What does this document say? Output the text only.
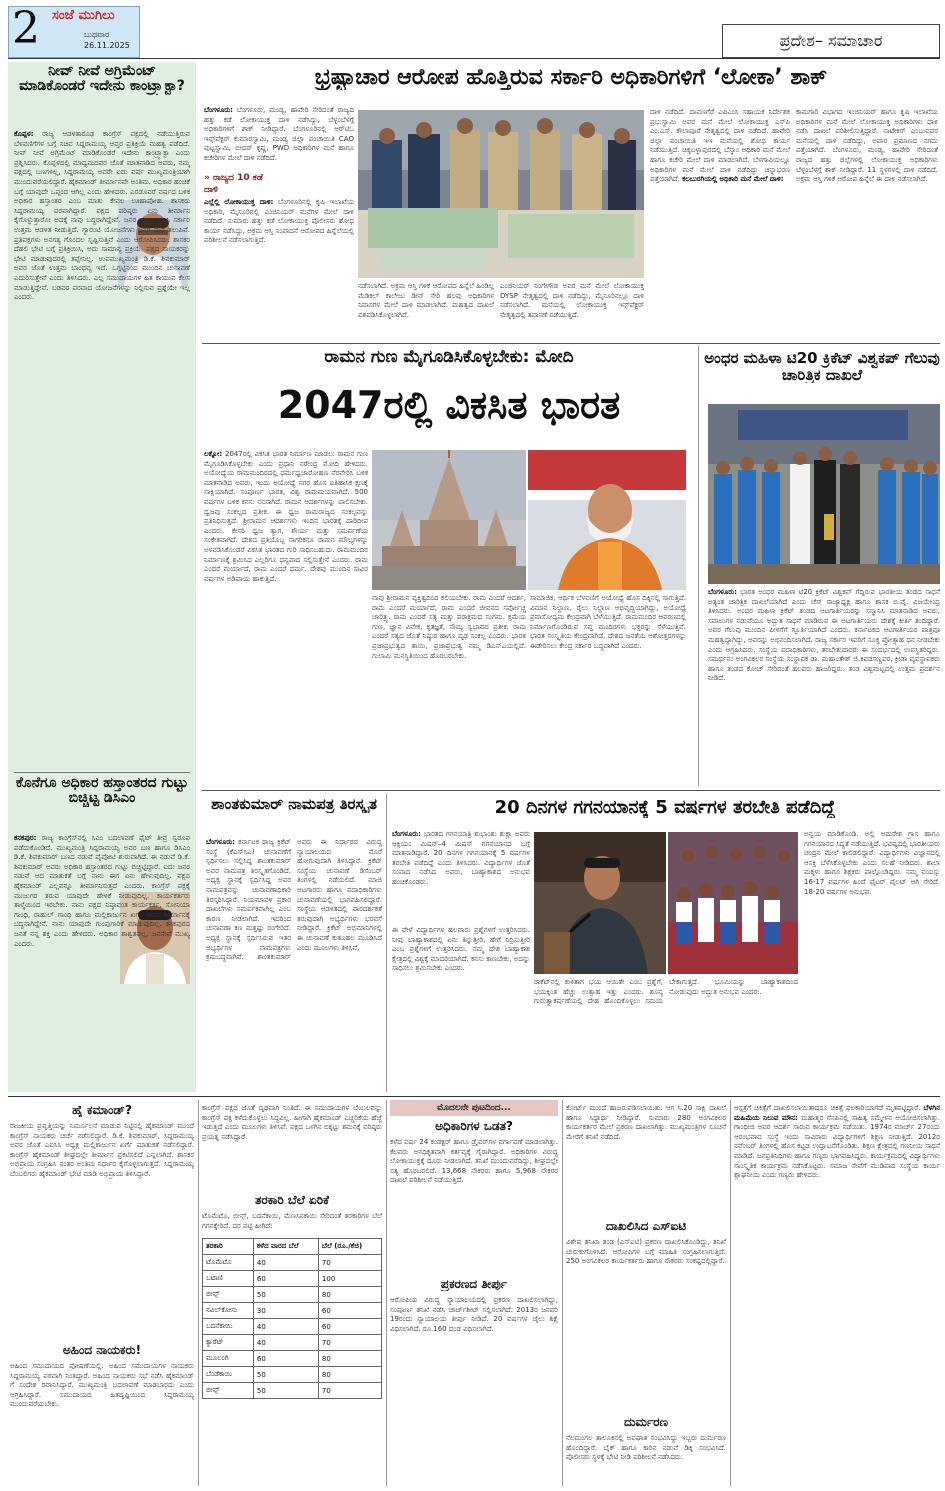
2 ಸಂಜೆ ಮುಗಿಲು
ಬುಧವಾರ
26.11.2025	ಪ್ರದೇಶ– ಸಮಾಚಾರ
ನೀವ್ ನೀವೆ ಅಗ್ರಿಮೆಂಟ್ ಮಾಡಿಕೊಂಡರೆ ಇದೇನು ಕಾಂಟ್ರ್ಯಾಕ್ಟಾ?
ಕೊಪ್ಪಳ: ರಾಜ್ಯ ಆಡಳಿತಾರೂಢ ಕಾಂಗ್ರೆಸ್ ಪಕ್ಷದಲ್ಲಿ ನಡೆಯುತ್ತಿರುವ ಬೆಳವಣಿಗೆಗಳ ಬಗ್ಗೆ ಸಚಿವ ಸಿದ್ದರಾಮಯ್ಯ ಆಪ್ತರ ಪ್ರತಿಕ್ರಿಯೆ ಮಹತ್ವ ಪಡೆದಿದೆ. ನೀವ್ ನೀವೆ ಅಗ್ರಿಮೆಂಟ್ ಮಾಡಿಕೊಂಡರೆ ಇದೇನು ಕಾಂಟ್ರ್ಯಾಕ್ಟಾ ಎಂದು ಪ್ರಶ್ನಿಸಿದರು. ಕೊಪ್ಪಳದಲ್ಲಿ ಮಾಧ್ಯಮದವರ ಜೊತೆ ಮಾತನಾಡಿದ ಅವರು, ನಮ್ಮ ಪಕ್ಷದಲ್ಲಿ ಬಣಗಳಿಲ್ಲ, ಸಿದ್ದರಾಮಯ್ಯ ಅವರೇ ಐದು ವರ್ಷ ಮುಖ್ಯಮಂತ್ರಿಯಾಗಿ ಮುಂದುವರೆಯಲಿದ್ದಾರೆ. ಹೈಕಮಾಂಡ್ ತೀರ್ಮಾನವೇ ಅಂತಿಮ. ಅಧಿಕಾರ ಹಂಚಿಕೆ ಬಗ್ಗೆ ಯಾವುದೇ ಒಪ್ಪಂದ ಆಗಿಲ್ಲ ಎಂದು ಹೇಳಿದರು. ಎರಡೂವರೆ ವರ್ಷದ ಬಳಿಕ ಅಧಿಕಾರ ಹಸ್ತಾಂತರ ಎಂಬ ಮಾತು ಕೇವಲ ಊಹಾಪೋಹ. ಶಾಸಕರು ಸಿದ್ದರಾಮಯ್ಯ ಪರವಾಗಿದ್ದಾರೆ. ಪಕ್ಷದ ವರಿಷ್ಠರು ಏನು ತೀರ್ಮಾನ ಕೈಗೊಳ್ಳುತ್ತಾರೋ ಅದಕ್ಕೆ ನಾವು ಬದ್ಧರಾಗಿದ್ದೇವೆ. ಜನರ ವಿಶ್ವಾಸ ಗಳಿಸಿ ಸರ್ಕಾರ ಉತ್ತಮ ಆಡಳಿತ ನೀಡುತ್ತಿದೆ. ಗ್ಯಾರಂಟಿ ಯೋಜನೆಗಳು ಜನರ ಮನೆ ತಲುಪಿವೆ. ಪ್ರತಿಪಕ್ಷಗಳು ಅನಗತ್ಯ ಗೊಂದಲ ಸೃಷ್ಟಿಸುತ್ತಿವೆ ಎಂದು ಆರೋಪಿಸಿದರು. ಶಾಸಕರ ದೆಹಲಿ ಭೇಟಿ ಬಗ್ಗೆ ಪ್ರತಿಕ್ರಿಯಿಸಿ, ಅದು ಸಾಮಾನ್ಯ ಪ್ರಕ್ರಿಯೆ. ಪಕ್ಷದ ನಾಯಕರನ್ನು ಭೇಟಿ ಮಾಡುವುದರಲ್ಲಿ ತಪ್ಪೇನಿಲ್ಲ. ಉಪಮುಖ್ಯಮಂತ್ರಿ ಡಿ.ಕೆ. ಶಿವಕುಮಾರ್ ಅವರ ಜೊತೆ ಉತ್ತಮ ಬಾಂಧವ್ಯ ಇದೆ. ಒಗ್ಗಟ್ಟಿನಿಂದ ಮುಂದಿನ ಚುನಾವಣೆ ಎದುರಿಸುತ್ತೇವೆ ಎಂದು ತಿಳಿಸಿದರು. ಎಲ್ಲ ಸಮುದಾಯಗಳ ಹಿತ ಕಾಯುವ ಕೆಲಸ ಮಾಡುತ್ತಿದ್ದೇವೆ. ಬಡವರ ಪರವಾದ ಯೋಜನೆಗಳನ್ನು ನಿಲ್ಲಿಸುವ ಪ್ರಶ್ನೆಯೇ ಇಲ್ಲ ಎಂದರು.
ಕೊನೆಗೂ ಅಧಿಕಾರ ಹಸ್ತಾಂತರದ ಗುಟ್ಟು ಬಿಚ್ಚಿಟ್ಟ ಡಿಸಿಎಂ
ಕನಕಪುರ: ರಾಜ್ಯ ಕಾಂಗ್ರೆಸ್‌ನಲ್ಲಿ ಸಿಎಂ ಬದಲಾವಣೆ ಫೈಟ್ ತೀವ್ರ ಸ್ವರೂಪ ಪಡೆದುಕೊಂಡಿದೆ. ಮುಖ್ಯಮಂತ್ರಿ ಸಿದ್ದರಾಮಯ್ಯ ಅವರ ಬಣ ಹಾಗೂ ಡಿಸಿಎಂ ಡಿ.ಕೆ. ಶಿವಕುಮಾರ್ ಬಣದ ನಡುವೆ ಪೈಪೋಟಿ ಶುರುವಾಗಿದೆ. ಈ ನಡುವೆ ಡಿ.ಕೆ. ಶಿವಕುಮಾರ್ ಅವರು ಅಧಿಕಾರ ಹಸ್ತಾಂತರದ ಗುಟ್ಟು ಬಿಚ್ಚಿಟ್ಟಿದ್ದಾರೆ. ಐದು ಜನರ ನಡುವೆ ಆದ ಮಾತುಕತೆ ಬಗ್ಗೆ ನಾನು ಈಗ ಏನು ಹೇಳುವುದಿಲ್ಲ. ಪಕ್ಷದ ಹೈಕಮಾಂಡ್ ಎಲ್ಲವನ್ನೂ ತೀರ್ಮಾನಿಸುತ್ತದೆ ಎಂದರು. ಕಾಂಗ್ರೆಸ್ ಪಕ್ಷಕ್ಕೆ ಮುಜುಗರ ತರುವ ಯಾವುದೇ ಹೇಳಿಕೆ ನೀಡುವುದಿಲ್ಲ. ಕಾರ್ಯಕರ್ತರು ತಾಳ್ಮೆಯಿಂದ ಇರಬೇಕು. ನಾನು ಪಕ್ಷದ ನಿಷ್ಠಾವಂತ ಕಾರ್ಯಕರ್ತ. ಸೋನಿಯಾ ಗಾಂಧಿ, ರಾಹುಲ್ ಗಾಂಧಿ ಹಾಗೂ ಮಲ್ಲಿಕಾರ್ಜುನ ಖರ್ಗೆ ಅವರ ತೀರ್ಮಾನಕ್ಕೆ ಬದ್ಧನಾಗಿದ್ದೇನೆ. ನಾನು ಯಾವುದೇ ಗುಂಪುಗಾರಿಕೆ ಮಾಡುವುದಿಲ್ಲ. ಕನಕಪುರದ ಜನತೆ ನನ್ನ ಶಕ್ತಿ ಎಂದು ಹೇಳಿದರು. ಅಧಿಕಾರ ಶಾಶ್ವತವಲ್ಲ, ಜನಸೇವೆ ಮುಖ್ಯ ಎಂದರು.
ಭ್ರಷ್ಟಾಚಾರ ಆರೋಪ ಹೊತ್ತಿರುವ ಸರ್ಕಾರಿ ಅಧಿಕಾರಿಗಳಿಗೆ ‘ಲೋಕಾ’ ಶಾಕ್
ಬೆಂಗಳೂರು: ಬೆಂಗಳೂರು, ಮಂಡ್ಯ, ಹಾವೇರಿ ಸೇರಿದಂತೆ ರಾಜ್ಯದ ಹತ್ತು ಕಡೆ ಲೋಕಾಯುಕ್ತ ದಾಳಿ ನಡೆಸಿದ್ದು, ಬೆಳ್ಳಂಬೆಳಗ್ಗೆ ಅಧಿಕಾರಿಗಳಿಗೆ ಶಾಕ್ ನೀಡಿದ್ದಾರೆ. ಬೆಂಗಳೂರಿನಲ್ಲಿ ಆರ್‌ಟಿಒ ಇನ್ಸ್‌ಪೆಕ್ಟರ್ ಕುಮಾರಸ್ವಾಮಿ, ಮಂಡ್ಯ ಜಿಲ್ಲಾ ಪಂಚಾಯಿತಿ CAO ಪುಟ್ಟಸ್ವಾಮಿ, ಬೀದರ್ ಕೃಷ್ಣ, PWD ಅಧಿಕಾರಿಗಳ ಮನೆ ಹಾಗೂ ಕಚೇರಿಗಳ ಮೇಲೆ ದಾಳಿ ನಡೆದಿದೆ.
» ರಾಜ್ಯದ 10 ಕಡೆ ದಾಳಿ
ಎಲ್ಲೆಲ್ಲಿ ಲೋಕಾಯುಕ್ತ ದಾಳಿ: ಬೆಂಗಳೂರಿನಲ್ಲಿ ಕೃಷಿ ಇಲಾಖೆಯ ಅಧಿಕಾರಿ, ಮೈಸೂರಿನಲ್ಲಿ ಎಂಜಿನಿಯರ್ ಮನೆಗಳ ಮೇಲೆ ದಾಳಿ ನಡೆದಿದೆ. ಸುಮಾರು ಹತ್ತು ಕಡೆ ಲೋಕಾಯುಕ್ತ ಪೊಲೀಸರು ಶೋಧ ಕಾರ್ಯ ನಡೆಸಿದ್ದು, ಅಕ್ರಮ ಆಸ್ತಿ ಸಂಪಾದನೆ ಆರೋಪದ ಹಿನ್ನೆಲೆಯಲ್ಲಿ ಪರಿಶೀಲನೆ ನಡೆಸಲಾಗುತ್ತಿದೆ.
ನಡೆಸಲಾಗಿದೆ. ಅಕ್ರಮ ಆಸ್ತಿ ಗಳಿಕೆ ಆರೋಪದ ಹಿನ್ನೆಲೆ ಹಿಂಡಿಲ್ಲ ಮೆಡಿಕಲ್ ಕಾಲೇಜು ಡೀನ್ ಸೇರಿ ಹಲವು ಅಧಿಕಾರಿಗಳ ನಿವಾಸಗಳ ಮೇಲೆ ದಾಳಿ ಮಾಡಲಾಗಿದೆ. ಮಹತ್ವದ ದಾಖಲೆ ವಶಪಡಿಸಿಕೊಳ್ಳಲಾಗಿದೆ.
ಎಂಜಿನಿಯರ್ ನಿಂಗೇಗೌಡ ಅವರ ಮನೆ ಮೇಲೆ ಲೋಕಾಯುಕ್ತ DYSP ನೇತೃತ್ವದಲ್ಲಿ ದಾಳಿ ನಡೆದಿದ್ದು, ಮೈಸೂರಿನಲ್ಲೂ ದಾಳಿ ನಡೆಸಲಾಗಿದೆ. ಮನೆಯಲ್ಲಿ ಲೋಕಾಯುಕ್ತ ಇನ್ಸ್‌ಪೆಕ್ಟರ್ ನೇತೃತ್ವದಲ್ಲಿ ತಪಾಸಣೆ ನಡೆಯುತ್ತಿದೆ.
ದಾಳಿ ನಡೆದಿದೆ. ದಾವಣಗೆರೆ ಎಪಿಎಂಸಿ ಸಹಾಯಕ ನಿರ್ದೇಶಕ ಪ್ರಭುಸ್ವಾಮಿ ಅವರ ಮನೆ ಮೇಲೆ ಲೋಕಾಯುಕ್ತ ಎಸ್‌ಪಿ ಎಂ.ಎಸ್. ಕೌಲಾಪೂರೆ ನೇತೃತ್ವದಲ್ಲಿ ದಾಳಿ ನಡೆದಿದೆ. ಹಾವೇರಿ ಜಿಲ್ಲಾ ಪಂಚಾಯಿತಿ ಇಇ ಮನೆಯಲ್ಲಿ ಶೋಧ ಕಾರ್ಯ ನಡೆಯುತ್ತಿದೆ. ಚಿಕ್ಕಬಳ್ಳಾಪುರದಲ್ಲಿ ಬೆಸ್ಕಾಂ ಅಧಿಕಾರಿ ಮನೆ ಮೇಲೆ ಹಾಗೂ ಕಚೇರಿ ಮೇಲೆ ದಾಳಿ ಮಾಡಲಾಗಿದೆ. ಬೆಳಗಾವಿಯಲ್ಲೂ ಅಧಿಕಾರಿಗಳ ಮನೆ ಮೇಲೆ ದಾಳಿ ನಡೆದಿದ್ದು ಚಿನ್ನಾಭರಣ ಪತ್ತೆಯಾಗಿದೆ. ಕಲಬುರಗಿಯಲ್ಲಿ ಅಧಿಕಾರಿ ಮನೆ ಮೇಲೆ ದಾಳಿ:
ಕಾಮಗಾರಿ ವಿಭಾಗದ ಇಂಜಿನಿಯರ್ ಹಾಗೂ ಕೃಷಿ ಇಲಾಖೆಯ ಅಧಿಕಾರಿಗಳ ಮನೆ ಮೇಲೆ ಲೋಕಾಯುಕ್ತ ಅಧಿಕಾರಿಗಳು ದಾಳಿ ನಡೆಸಿ ದಾಖಲೆ ಪರಿಶೀಲಿಸುತ್ತಿದ್ದಾರೆ. ನಾಟೇಕರ್ ಎಂಬುವವರ ಮನೆಯಲ್ಲಿ ದಾಳಿ ನಡೆದಿದ್ದು, ಅಪಾರ ಪ್ರಮಾಣದ ನಗದು ಪತ್ತೆಯಾಗಿದೆ. ಬೆಂಗಳೂರು, ಮಂಡ್ಯ, ಹಾವೇರಿ ಸೇರಿದಂತೆ ರಾಜ್ಯದ ಹತ್ತು ಜಿಲ್ಲೆಗಳಲ್ಲಿ ಲೋಕಾಯುಕ್ತ ಅಧಿಕಾರಿಗಳು ಬೆಳ್ಳಂಬೆಳಗ್ಗೆ ಶಾಕ್ ನೀಡಿದ್ದಾರೆ. 11 ಸ್ಥಳಗಳಲ್ಲಿ ದಾಳಿ ನಡೆದಿದೆ. ಅಕ್ರಮ ಆಸ್ತಿ ಗಳಿಕೆ ಆರೋಪ ಹಿನ್ನೆಲೆ ಈ ದಾಳಿ ನಡೆಸಲಾಗಿದೆ.
ರಾಮನ ಗುಣ ಮೈಗೂಡಿಸಿಕೊಳ್ಳಬೇಕು: ಮೋದಿ
2047ರಲ್ಲಿ ವಿಕಸಿತ ಭಾರತ
ಲಕ್ನೋ: 2047ರಲ್ಲಿ ವಿಕಸಿತ ಭಾರತ ನಿರ್ಮಾಣ ಮಾಡಲು ರಾಮನ ಗುಣ ಮೈಗೂಡಿಸಿಕೊಳ್ಳಬೇಕು ಎಂದು ಪ್ರಧಾನಿ ನರೇಂದ್ರ ಮೋದಿ ಹೇಳಿದರು. ಅಯೋಧ್ಯೆಯ ರಾಮಮಂದಿರದಲ್ಲಿ ಧರ್ಮಧ್ವಜಾರೋಹಣ ನೆರವೇರಿಸಿ ಬಳಿಕ ಮಾತನಾಡಿದ ಅವರು, ಇಂದು ಅಯೋಧ್ಯೆ ನಗರ ಹೊಸ ಐತಿಹಾಸಿಕ ಕ್ಷಣಕ್ಕೆ ಸಾಕ್ಷಿಯಾಗಿದೆ. ಸಂಪೂರ್ಣ ಭಾರತ, ವಿಶ್ವ ರಾಮಮಯವಾಗಿದೆ. 500 ವರ್ಷಗಳ ಬಳಿಕ ಕನಸು ನನಸಾಗಿದೆ. ರಾಮನ ಆದರ್ಶಗಳನ್ನು ಪಾಲಿಸಬೇಕು. ಧ್ವಜವು ಸಂಕಲ್ಪದ ಪ್ರತೀಕ. ಈ ಧ್ವಜ ರಾಮರಾಜ್ಯದ ಸಂಕಲ್ಪವನ್ನು ಪ್ರತಿನಿಧಿಸುತ್ತದೆ. ಶ್ರೀರಾಮನ ಆದರ್ಶಗಳು ಇಂದಿನ ಭಾರತಕ್ಕೆ ದಾರಿದೀಪ ಎಂದರು. ಕೇಸರಿ ಧ್ವಜ ತ್ಯಾಗ, ಶೌರ್ಯ ಮತ್ತು ಸಮರ್ಪಣೆಯ ಸಂಕೇತವಾಗಿದೆ. ದೇಶದ ಪ್ರತಿಯೊಬ್ಬ ನಾಗರಿಕನೂ ರಾಮನ ಮೌಲ್ಯಗಳನ್ನು ಅಳವಡಿಸಿಕೊಂಡರೆ ವಿಕಸಿತ ಭಾರತದ ಗುರಿ ಸಾಧಿಸಬಹುದು. ರಾಮಮಂದಿರ ನಿರ್ಮಾಣಕ್ಕೆ ಶ್ರಮಿಸಿದ ಎಲ್ಲರಿಗೂ ಧನ್ಯವಾದ ಸಲ್ಲಿಸುತ್ತೇನೆ ಎಂದರು. ರಾಮ ಎಂದರೆ ಮರ್ಯಾದೆ, ರಾಮ ಎಂದರೆ ಧರ್ಮ. ದೇಶವು ಮುಂದಿನ ಸಾವಿರ ವರ್ಷಗಳ ಅಡಿಪಾಯ ಹಾಕುತ್ತಿದೆ.
ನಾವು ಶ್ರೀರಾಮನ ವ್ಯಕ್ತಿತ್ವದಿಂದ ಕಲಿಯಬೇಕು. ರಾಮ ಎಂದರೆ ಆದರ್ಶ, ರಾಮ ಎಂದರೆ ಮರ್ಯಾದೆ, ರಾಮ ಎಂದರೆ ಜೀವನದ ಸರ್ವೋಚ್ಚ ಚಾರಿತ್ರ್ಯ. ರಾಮ ಎಂದರೆ ಸತ್ಯ ಮತ್ತು ಪರಾಕ್ರಮದ ಸಂಗಮ. ಕ್ಷಮೆಯ ಗುಣ, ಜ್ಞಾನ ವಿವೇಕ, ಕೃತಜ್ಞತೆ, ಸೌಮ್ಯ ಸ್ವಭಾವದ ಪ್ರತೀಕ. ರಾಮ ಎಂದರೆ ಸತ್ಯದ ಜೊತೆ ನಿಷ್ಠುರ ಹಾಗೂ ದೃಢ ಸಂಕಲ್ಪ ಎಂದರು. ಭಾರತ ಪ್ರಜಾಪ್ರಭುತ್ವದ ತಾಯಿ, ಪ್ರಜಾಪ್ರಭುತ್ವ ನಮ್ಮ ಡಿಎನ್ಎಯಲ್ಲಿದೆ. ಗುಲಾಮಿ ಮನಸ್ಥಿತಿಯಿಂದ ಹೊರಬರಬೇಕು.
ಸಾಮಾಜಿಕ, ಆರ್ಥಿಕ ಬೆಳವಣಿಗೆ ಅಯೋಧ್ಯೆ ಹೊಸ ದಿಕ್ಕಿನಲ್ಲಿ ಸಾಗುತ್ತಿದೆ. ವಿಮಾನ ನಿಲ್ದಾಣ, ರೈಲು ನಿಲ್ದಾಣ ಅಭಿವೃದ್ಧಿಯಾಗಿದ್ದು, ಅಯೋಧ್ಯೆ ಪ್ರವಾಸೋದ್ಯಮ ಕೇಂದ್ರವಾಗಿ ಬೆಳೆಯುತ್ತಿದೆ. ರಾಮಮಂದಿರ ಆವರಣದಲ್ಲಿ ನಿರ್ಮಾಣಗೊಂಡಿರುವ ಸಪ್ತ ಮಂದಿರಗಳು ಭಕ್ತರನ್ನು ಸೆಳೆಯುತ್ತಿವೆ. ಭಾರತ ಸಂಸ್ಕೃತಿಯ ಕೇಂದ್ರವಾಗಿದೆ. ದೇಶದ ಜನತೆಯ ಆಶೋತ್ತರಗಳನ್ನು ಈಡೇರಿಸಲು ಕೇಂದ್ರ ಸರ್ಕಾರ ಬದ್ಧವಾಗಿದೆ ಎಂದರು.
ಅಂಧರ ಮಹಿಳಾ ಟಿ20 ಕ್ರಿಕೆಟ್ ವಿಶ್ವಕಪ್ ಗೆಲುವು ಚಾರಿತ್ರಿಕ ದಾಖಲೆ
ಬೆಂಗಳೂರು: ಭಾರತ ಅಂಧರ ಮಹಿಳಾ ಟಿ20 ಕ್ರಿಕೆಟ್ ವಿಶ್ವಕಪ್ ಗೆದ್ದಿರುವ ಭಾರತೀಯ ತಂಡದ ಸಾಧನೆ ಅತ್ಯಂತ ಚಾರಿತ್ರಿಕ ದಾಖಲೆಯಾಗಿದೆ ಎಂದು ಚೆಸ್ ರಾಜ್ಯಾಧ್ಯಕ್ಷ ಹಾಗೂ ಶಾಸಕ ಬಿ.ವೈ. ವಿಜಯೇಂದ್ರ ತಿಳಿಸಿದರು. ಅಂಧರ ಮಹಿಳಾ ಕ್ರಿಕೆಟ್ ತಂಡದ ಆಟಗಾರ್ತಿಯರನ್ನು ಸನ್ಮಾನಿಸಿ ಮಾತನಾಡಿದ ಅವರು, ಸವಾಲುಗಳ ನಡುವೆಯೂ ಅದ್ಭುತ ಸಾಧನೆ ಮಾಡಿರುವ ಈ ಆಟಗಾರ್ತಿಯರು ದೇಶಕ್ಕೆ ಕೀರ್ತಿ ತಂದಿದ್ದಾರೆ. ಅವರ ಗೆಲುವು ಮುಂದಿನ ಪೀಳಿಗೆಗೆ ಸ್ಫೂರ್ತಿಯಾಗಿದೆ ಎಂದರು. ಕರ್ನಾಟಕದ ಆಟಗಾರ್ತಿಯರ ಪಾತ್ರವೂ ಮಹತ್ವದ್ದಾಗಿದ್ದು, ಅವರನ್ನು ಅಭಿನಂದಿಸಲಾಗಿದೆ. ರಾಜ್ಯ ಸರ್ಕಾರ ಇವರಿಗೆ ಸೂಕ್ತ ಪ್ರೋತ್ಸಾಹ ಧನ ನೀಡಬೇಕು ಎಂದು ಆಗ್ರಹಿಸಿದರು. ಸಂಸ್ಥೆಯ ಪದಾಧಿಕಾರಿಗಳು, ತರಬೇತುದಾರರು ಈ ಸಂದರ್ಭದಲ್ಲಿ ಉಪಸ್ಥಿತರಿದ್ದರು. ಸಮರ್ಥನಂ ಅಂಗವಿಕಲರ ಸಂಸ್ಥೆಯ ಸಂಸ್ಥಾಪಕ ಡಾ. ಮಹಾಂತೇಶ್ ಜಿ.ಕಿವಡಸಣ್ಣವರ, ಕ್ರೀಡಾ ವ್ಯವಸ್ಥಾಪಕರು ಹಾಗೂ ತಂಡದ ಕೋಚ್ ಸೇರಿದಂತೆ ಹಲವರು ಹಾಜರಿದ್ದರು. ತಂಡ ವಿಶ್ವಮಟ್ಟದಲ್ಲಿ ಉತ್ತಮ ಪ್ರದರ್ಶನ ನೀಡಿದೆ.
ಶಾಂತಕುಮಾರ್ ನಾಮಪತ್ರ ತಿರಸ್ಕೃತ
ಬೆಂಗಳೂರು: ಕರ್ನಾಟಕ ರಾಜ್ಯ ಕ್ರಿಕೆಟ್ ಸಂಸ್ಥೆ (ಕೆಎಸ್‌ಸಿಎ) ಚುನಾವಣೆಗೆ ಸ್ಪರ್ಧಿಸಲು ಸಲ್ಲಿಸಿದ್ದ ಶಾಂತಕುಮಾರ್ ಅವರ ನಾಮಪತ್ರ ತಿರಸ್ಕೃತಗೊಂಡಿದೆ. ಅಧ್ಯಕ್ಷ ಸ್ಥಾನಕ್ಕೆ ಸ್ಪರ್ಧಿಸಿದ್ದ ಅವರ ನಾಮಪತ್ರವನ್ನು ಚುನಾವಣಾಧಿಕಾರಿ ತಿರಸ್ಕರಿಸಿದ್ದಾರೆ. ನಿಯಮಾವಳಿ ಪ್ರಕಾರ ದಾಖಲೆಗಳು ಸಮರ್ಪಕವಾಗಿಲ್ಲ ಎಂಬ ಕಾರಣ ನೀಡಲಾಗಿದೆ. ಇದರಿಂದ ಚುನಾವಣಾ ಕಣ ಮತ್ತಷ್ಟು ರಂಗೇರಿದೆ. ಅಧ್ಯಕ್ಷ ಸ್ಥಾನಕ್ಕೆ ಸ್ಪರ್ಧಿಸಿರುವ ಇತರ ಅಭ್ಯರ್ಥಿಗಳ ನಾಮಪತ್ರಗಳು ಕ್ರಮಬದ್ಧವಾಗಿವೆ. ಶಾಂತಕುಮಾರ್ ಅವರು ಈ ನಿರ್ಧಾರದ ವಿರುದ್ಧ ನ್ಯಾಯಾಲಯದ ಮೊರೆ ಹೋಗುವುದಾಗಿ ತಿಳಿಸಿದ್ದಾರೆ. ಕ್ರಿಕೆಟ್ ಸಂಸ್ಥೆಯ ಚುನಾವಣೆ ಡಿಸೆಂಬರ್ ತಿಂಗಳಲ್ಲಿ ನಡೆಯಲಿದೆ. ಮಾಜಿ ಆಟಗಾರರು ಹಾಗೂ ಪದಾಧಿಕಾರಿಗಳು ಚುನಾವಣೆಯಲ್ಲಿ ಭಾಗವಹಿಸಲಿದ್ದಾರೆ. ಸಂಸ್ಥೆಯ ಆಡಳಿತದಲ್ಲಿ ಪಾರದರ್ಶಕತೆ ತರುವುದಾಗಿ ಅಭ್ಯರ್ಥಿಗಳು ಭರವಸೆ ನೀಡಿದ್ದಾರೆ. ಕ್ರಿಕೆಟ್ ಅಭಿಮಾನಿಗಳಲ್ಲಿ ಈ ಚುನಾವಣೆ ಕುತೂಹಲ ಮೂಡಿಸಿದೆ ಎಂದು ಮೂಲಗಳು ತಿಳಿಸಿವೆ.
20 ದಿನಗಳ ಗಗನಯಾನಕ್ಕೆ 5 ವರ್ಷಗಳ ತರಬೇತಿ ಪಡೆದಿದ್ದೆ
ಬೆಂಗಳೂರು: ಭಾರತದ ಗಗನಯಾತ್ರಿ ಶುಭಾಂಶು ಶುಕ್ಲಾ ಅವರು ಆಕ್ಸಿಯಂ ಮಿಷನ್–4 ಮಿಷನ್ ಗಗನಯಾನದ ಬಗ್ಗೆ ಮಾತನಾಡಿದ್ದಾರೆ. 20 ದಿನಗಳ ಗಗನಯಾನಕ್ಕೆ 5 ವರ್ಷಗಳ ತರಬೇತಿ ಪಡೆದಿದ್ದೆ ಎಂದು ತಿಳಿಸಿದರು. ವಿದ್ಯಾರ್ಥಿಗಳ ಜೊತೆ ಸಂವಾದ ನಡೆಸಿದ ಅವರು, ಬಾಹ್ಯಾಕಾಶದ ಅನುಭವ ಹಂಚಿಕೊಂಡರು.
ಈ ವೇಳೆ ವಿದ್ಯಾರ್ಥಿಗಳ ಹಲವಾರು ಪ್ರಶ್ನೆಗಳಿಗೆ ಉತ್ತರಿಸಿದರು. ನೀವು ಬಾಹ್ಯಾಕಾಶದಲ್ಲಿ ಏನು ತಿನ್ನುತ್ತೀರಿ, ಹೇಗೆ ನಿದ್ರಿಸುತ್ತೀರಿ ಎಂಬ ಪ್ರಶ್ನೆಗಳಿಗೆ ಉತ್ತರಿಸಿದರು. ನಮ್ಮ ದೇಶ ಬಾಹ್ಯಾಕಾಶ ಕ್ಷೇತ್ರದಲ್ಲಿ ವಿಶ್ವಕ್ಕೆ ಮಾದರಿಯಾಗಿದೆ. ಕನಸು ಕಾಣಬೇಕು, ಅದನ್ನು ಸಾಧಿಸಲು ಶ್ರಮಿಸಬೇಕು ಎಂದರು.
ರಾಕೆಟ್‌ನಲ್ಲಿ ಕುಳಿತಾಗ ಭಯ ಆಯಿತೇ ಎಂಬ ಪ್ರಶ್ನೆಗೆ, ಭಯಕ್ಕಿಂತ ಹೆಚ್ಚು ಉತ್ಸಾಹ ಇತ್ತು ಎಂದರು. ಶೂನ್ಯ ಗುರುತ್ವಾಕರ್ಷಣೆಯಲ್ಲಿ ದೇಹ ಹೊಂದಿಕೊಳ್ಳಲು ಸಮಯ ಬೇಕಾಗುತ್ತದೆ. ಭೂಮಿಯನ್ನು ಬಾಹ್ಯಾಕಾಶದಿಂದ ನೋಡುವುದು ಅದ್ಭುತ ಅನುಭವ ಎಂದರು.
ಅನ್ವಯ ಮಾಡಿಕೊಂಡಿ. ಅಲ್ಲಿ ಅಮರೇಶ ಗ್ರಾಸ ಹಾಗೂ ಗಗನಯಾನದ ಸಿದ್ಧತೆ ನಡೆಯುತ್ತಿದೆ. ಭವಿಷ್ಯದಲ್ಲಿ ಭಾರತೀಯರು ಚಂದ್ರನ ಮೇಲೆ ಕಾಲಿಡಲಿದ್ದಾರೆ. ವಿದ್ಯಾರ್ಥಿಗಳು ವಿಜ್ಞಾನದಲ್ಲಿ ಆಸಕ್ತಿ ಬೆಳೆಸಿಕೊಳ್ಳಬೇಕು ಎಂದು ಸಲಹೆ ನೀಡಿದರು. ಶಾಲಾ ಮಕ್ಕಳು ಹಾಗೂ ಶಿಕ್ಷಕರು ಪಾಲ್ಗೊಂಡಿದ್ದರು. ನಮ್ಮ ವಯಸ್ಸು 16-17 ವರ್ಷಗಳ ಹಿಂದೆ ಫೈಟರ್ ಪೈಲಟ್ ಆಗಿ ಸೇರಿದೆ. 18-20 ವರ್ಷಗಳ ಅನುಭವ.
ಹೈ ಕಮಾಂಡ್?
ರಾಜಕೀಯ ಪ್ರವೃತ್ತಿಯನ್ನು ನಿರ್ಮೂಲನೆ ಮಾಡುವ ನಿಟ್ಟಿನಲ್ಲಿ ಹೈಕಮಾಂಡ್ ಮುಂದೆ ಕಾಂಗ್ರೆಸ್ ನಾಯಕರು ಚರ್ಚೆ ನಡೆಸಲಿದ್ದಾರೆ. ಡಿ.ಕೆ. ಶಿವಕುಮಾರ್, ಸಿದ್ದರಾಮಯ್ಯ ಅವರ ಜೊತೆ ಎಐಸಿಸಿ ಅಧ್ಯಕ್ಷ ಮಲ್ಲಿಕಾರ್ಜುನ ಖರ್ಗೆ ಮಾತುಕತೆ ನಡೆಸಲಿದ್ದಾರೆ. ಕಾಂಗ್ರೆಸ್ ಹೈಕಮಾಂಡ್ ಶೀಘ್ರದಲ್ಲೇ ತೀರ್ಮಾನ ಪ್ರಕಟಿಸಲಿದೆ ಎನ್ನಲಾಗಿದೆ. ಶಾಸಕರ ಅಭಿಪ್ರಾಯ ಸಂಗ್ರಹಿಸಿ ನಂತರ ಅಂತಿಮ ನಿರ್ಧಾರ ಕೈಗೊಳ್ಳಲಾಗುತ್ತದೆ. ಸಿದ್ದರಾಮಯ್ಯ ಬೆಂಬಲಿಗರು ಹೈಕಮಾಂಡ್ ಭೇಟಿ ಮಾಡಿ ಅಭಿಪ್ರಾಯ ತಿಳಿಸಿದ್ದಾರೆ.
ಅಹಿಂದ ನಾಯಕರು!
ಅಹಿಂದ ಸಮುದಾಯದ ಪೋಷಣೆಯಲ್ಲಿ: ಅಹಿಂದ ಸಮುದಾಯಗಳ ನಾಯಕರು ಸಿದ್ದರಾಮಯ್ಯ ಪರವಾಗಿ ನಿಂತಿದ್ದಾರೆ. ಅಹಿಂದ ನಾಯಕರು ಸಭೆ ನಡೆಸಿ ಹೈಕಮಾಂಡ್ ಗೆ ಸಂದೇಶ ರವಾನಿಸಿದ್ದಾರೆ. ಮುಖ್ಯಮಂತ್ರಿ ಬದಲಾವಣೆ ಮಾಡಬಾರದು ಎಂದು ಆಗ್ರಹಿಸಿದ್ದಾರೆ. ಸಮುದಾಯದ ಹಿತದೃಷ್ಟಿಯಿಂದ ಸಿದ್ದರಾಮಯ್ಯ ಮುಂದುವರೆಯಬೇಕು.
ಕಾಂಗ್ರೆಸ್ ಪಕ್ಷದ ಜೊತೆ ದೃಢವಾಗಿ ನಿಂತಿದೆ. ಈ ಸಮುದಾಯಗಳ ಬೆಂಬಲವನ್ನು ಕಾಂಗ್ರೆಸ್ ಪಕ್ಷ ಕಳೆದುಕೊಳ್ಳಲು ಸಿದ್ಧವಿಲ್ಲ. ಹೀಗಾಗಿ ಹೈಕಮಾಂಡ್ ಎಚ್ಚರಿಕೆಯ ಹೆಜ್ಜೆ ಇಡುತ್ತಿದೆ ಎಂದು ಮೂಲಗಳು ತಿಳಿಸಿವೆ. ಪಕ್ಷದ ಒಳಗಿನ ಬಿಕ್ಕಟ್ಟು ಶಮನಕ್ಕೆ ವರಿಷ್ಠರು ಪ್ರಯತ್ನ ನಡೆಸಿದ್ದಾರೆ.
ತರಕಾರಿ ಬೆಲೆ ಏರಿಕೆ
ಟೊಮೆಟೊ, ಬೀನ್ಸ್, ಬದನೆಕಾಯಿ, ಮೆಣಸಿನಕಾಯಿ ಸೇರಿದಂತೆ ತರಕಾರಿಗಳ ಬೆಲೆ ಗಗನಕ್ಕೇರಿದೆ. ದರ ಪಟ್ಟಿ ಹೀಗಿದೆ:
ತರಕಾರಿ	ಕಳೆದ ವಾರದ ಬೆಲೆ	ಬೆಲೆ (ರೂ./ಕೆಜಿ)
ಟೊಮೆಟೊ	40	70
ಬಟಾಣಿ	60	100
ಬೀನ್ಸ್	50	80
ನವಿಲ್‌ಕೋಸು	30	60
ಬದನೆಕಾಯಿ	40	60
ಕ್ಯಾರೆಟ್	40	70
ಮೂಲಂಗಿ	60	80
ಬೆಂಡೆಕಾಯಿ	50	80
ಬೀನ್ಸ್	50	70
ಮೊದಲನೇ ಪುಟದಿಂದ...
ಅಧಿಕಾರಿಗಳ ಒಡತ?
ಕಳೆದ ವರ್ಷ 24 ಕಂಡಕ್ಟರ್ ಹಾಗೂ ಡ್ರೈವರ್‌ಗಳ ವರ್ಗಾವಣೆ ಮಾಡಲಾಗಿತ್ತು. ಕೆಲವರು ಅನಧಿಕೃತವಾಗಿ ಕರ್ತವ್ಯಕ್ಕೆ ಗೈರಾಗಿದ್ದಾರೆ. ಅಧಿಕಾರಿಗಳ ವಿರುದ್ಧ ಲೋಕಾಯುಕ್ತಕ್ಕೆ ದೂರು ನೀಡಲಾಗಿದೆ. ತನಿಖೆ ಮುಂದುವರೆದಿದ್ದು, ಶೀಘ್ರದಲ್ಲೇ ಸತ್ಯ ಹೊರಬರಲಿದೆ. 13,668 ನೌಕರರು ಹಾಗೂ 5,968 ನೌಕರರ ದಾಖಲೆ ಪರಿಶೀಲನೆ ನಡೆಯುತ್ತಿದೆ.
ಪ್ರಕರಣದ ತೀರ್ಪು
ಆರೋಪಿಯ ವಿರುದ್ಧ ನ್ಯಾಯಾಲಯದಲ್ಲಿ ಪ್ರಕರಣ ದಾಖಲಿಸಲಾಗಿದ್ದು, ಸಂಪೂರ್ಣ ತನಿಖೆ ನಡೆಸಿ ಚಾರ್ಜ್‌ಶೀಟ್ ಸಲ್ಲಿಸಲಾಗಿದೆ. 2013ರ ಜನವರಿ 19ರಂದು ನ್ಯಾಯಾಲಯ ತೀರ್ಪು ನೀಡಿದೆ. 20 ವರ್ಷಗಳ ಜೈಲು ಶಿಕ್ಷೆ ವಿಧಿಸಲಾಗಿದೆ. ರೂ.160 ದಂಡ ವಿಧಿಸಲಾಗಿದೆ.
ಕೋರ್ಟ್ ಮುಂದೆ ಹಾಜರುಪಡಿಸಲಾಯಿತು. ಆಗ ಸಿ.20 ಸಾಕ್ಷಿ ದಾಖಲೆ ಹಾಗೂ ಸಿದ್ಧಾರ್ಥ ನೀಡಿದ್ದಾರೆ. ಸುಮಾರು 280 ಅಂಗವಿಕಲರ ಕಾರ್ಯಕರ್ತರ ಮೇಲೆ ಪ್ರಕರಣ ದಾಖಲಾಗಿತ್ತು. ಮುಖ್ಯಮಂತ್ರಿಗಳ ಸೂಚನೆ ಮೇರೆಗೆ ತನಿಖೆ ನಡೆದಿದೆ.
ದಾಖಲಿಸಿದ ಎಸ್‌ಐಟಿ
ವಿಶೇಷ ತನಿಖಾ ತಂಡ (ಎಸ್‌ಐಟಿ) ಪ್ರಕರಣ ದಾಖಲಿಸಿಕೊಂಡಿದ್ದು, ತನಿಖೆ ಚುರುಕುಗೊಳಿಸಿದೆ. ಆರೋಪಿಗಳ ಬಗ್ಗೆ ಮಾಹಿತಿ ಸಂಗ್ರಹಿಸಲಾಗುತ್ತಿದೆ. 250 ಅಂಗವಿಕಲರ ಕಾರ್ಯಕರ್ತರು ಹಾಗೂ ನೌಕರರು ಸಂಕಷ್ಟದಲ್ಲಿದ್ದಾರೆ.
ದುರ್ಮರಣ
ನೆಲಮಂಗಲ ತಾಲೂಕಿನಲ್ಲಿ ಅಪಘಾತ ಸಂಭವಿಸಿದ್ದು ಇಬ್ಬರು ದುರ್ಮರಣ ಹೊಂದಿದ್ದಾರೆ. ಬೈಕ್ ಹಾಗೂ ಕಾರಿನ ನಡುವೆ ಡಿಕ್ಕಿ ಸಂಭವಿಸಿದೆ. ಪೊಲೀಸರು ಸ್ಥಳಕ್ಕೆ ಭೇಟಿ ನೀಡಿ ಪರಿಶೀಲನೆ ನಡೆಸಿದರು.
ಆಸ್ಪತ್ರೆಗೆ ಚಿಕಿತ್ಸೆಗೆ ದಾಖಲಿಸಲಾಯಿತಾದರೂ ಚಿಕಿತ್ಸೆ ಫಲಕಾರಿಯಾಗದೆ ಮೃತಪಟ್ಟಿದ್ದಾರೆ. ಬೆಳಗಿನ ಮಹಿಮೆಯ ನಿಲುವ ಮೌನ: ಮಹಾತ್ಮರ ನೆನಪಿನಲ್ಲಿ ಸಾಹಿತ್ಯ ಸಮ್ಮೇಳನ ಆಯೋಜಿಸಲಾಗಿತ್ತು. ಗಾಂಧೀಜಿ ಅವರ ಆದರ್ಶ ಸಾರುವ ಕಾರ್ಯಕ್ರಮ ನಡೆಯಿತು. 1974ರ ಮಾರ್ಚ್ 27ರಂದು ಆರಂಭವಾದ ಸಂಸ್ಥೆ ಇಂದು ಸಾವಿರಾರು ವಿದ್ಯಾರ್ಥಿಗಳಿಗೆ ಶಿಕ್ಷಣ ನೀಡುತ್ತಿದೆ. 2012ರ ನವೆಂಬರ್ ತಿಂಗಳಲ್ಲಿ ಹೊಸ ಕಟ್ಟಡ ಉದ್ಘಾಟನೆಗೊಂಡಿತು. ಶಿಕ್ಷಣ ಕ್ಷೇತ್ರದಲ್ಲಿ ಗಣನೀಯ ಸಾಧನೆ ಮಾಡಿದೆ. ಜನಪ್ರತಿನಿಧಿಗಳು ಹಾಗೂ ಗಣ್ಯರು ಭಾಗವಹಿಸಿದ್ದರು. ಕಾರ್ಯಕ್ರಮದಲ್ಲಿ ವಿದ್ಯಾರ್ಥಿಗಳು ಸಾಂಸ್ಕೃತಿಕ ಕಾರ್ಯಕ್ರಮ ನಡೆಸಿಕೊಟ್ಟರು. ಸಮಾಜ ಸೇವೆಗೆ ಮುಡಿಪಾದ ಸಂಸ್ಥೆಯ ಕಾರ್ಯ ಶ್ಲಾಘನೀಯ ಎಂದು ಗಣ್ಯರು ಹೇಳಿದರು.
